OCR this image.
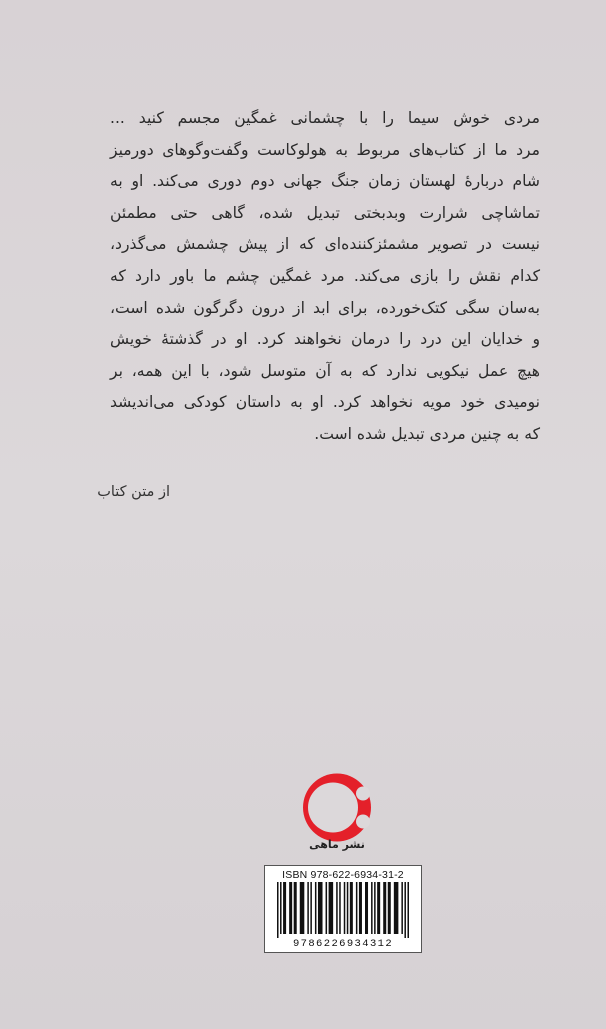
مردی خوش سیما را با چشمانی غمگین مجسم کنید ...
مرد ما از کتاب‌های مربوط به هولوکاست وگفت‌وگوهای دورمیز
شام دربارهٔ لهستان زمان جنگ جهانی دوم دوری می‌کند. او به
تماشاچی شرارت وبدبختی تبدیل شده، گاهی حتی مطمئن
نیست در تصویر مشمئزکننده‌ای که از پیش چشمش می‌گذرد،
کدام نقش را بازی می‌کند. مرد غمگین چشم ما باور دارد که
به‌سان سگی کتک‌خورده، برای ابد از درون دگرگون شده است،
و خدایان این درد را درمان نخواهند کرد. او در گذشتهٔ خویش
هیچ عمل نیکویی ندارد که به آن متوسل شود، با این همه، بر
نومیدی خود مویه نخواهد کرد. او به داستان کودکی می‌اندیشد
که به چنین مردی تبدیل شده است.
از متن کتاب
نشر ماهی
ISBN 978-622-6934-31-2
9786226934312
